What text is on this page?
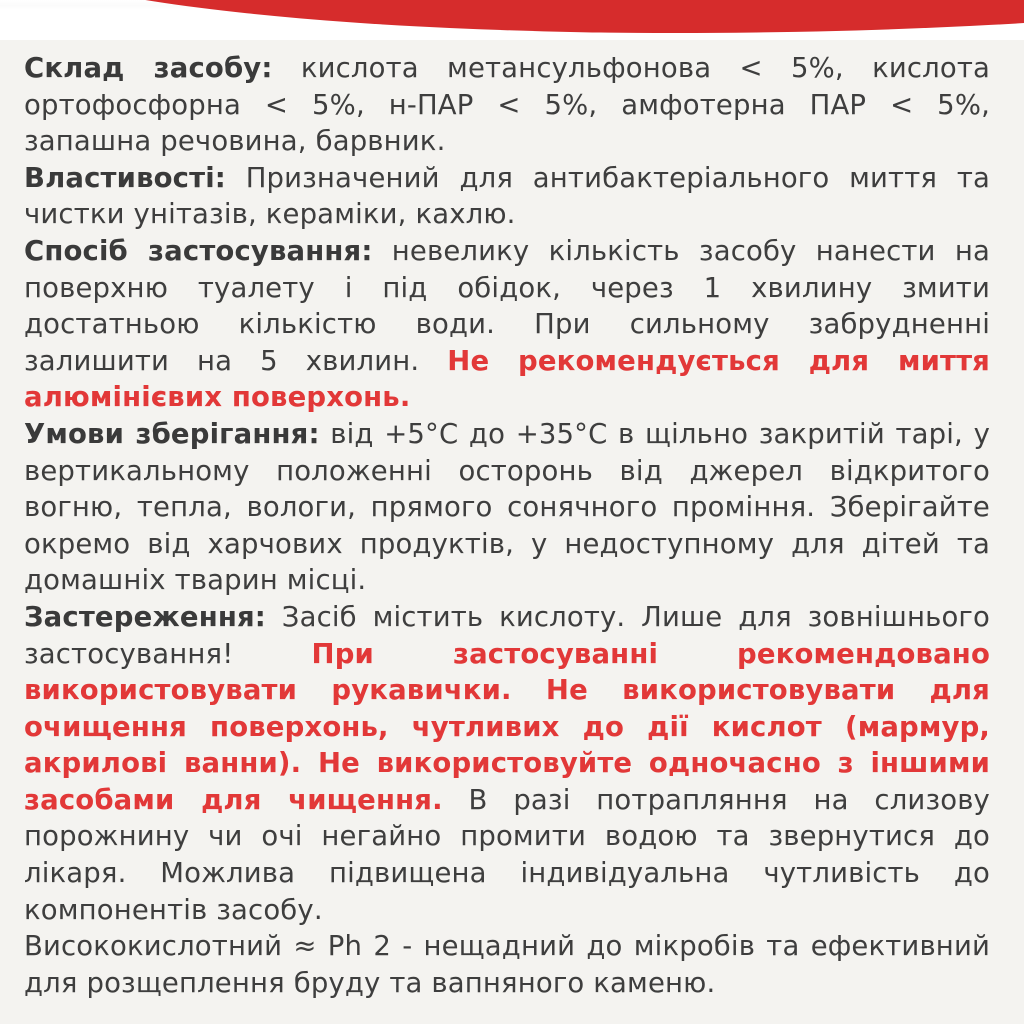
Склад засобу: кислота метансульфонова < 5%, кислота ортофосфорна < 5%, н-ПАР < 5%, амфотерна ПАР < 5%, запашна речовина, барвник.

Властивості: Призначений для антибактеріального миття та чистки унітазів, кераміки, кахлю.

Спосіб застосування: невелику кількість засобу нанести на поверхню туалету і під обідок, через 1 хвилину змити достатньою кількістю води. При сильному забрудненні залишити на 5 хвилин. Не рекомендується для миття алюмінієвих поверхонь.

Умови зберігання: від +5°С до +35°С в щільно закритій тарі, у вертикальному положенні осторонь від джерел відкритого вогню, тепла, вологи, прямого сонячного проміння. Зберігайте окремо від харчових продуктів, у недоступному для дітей та домашніх тварин місці.

Застереження: Засіб містить кислоту. Лише для зовнішнього застосування! При застосуванні рекомендовано використовувати рукавички. Не використовувати для очищення поверхонь, чутливих до дії кислот (мармур, акрилові ванни). Не використовуйте одночасно з іншими засобами для чищення. В разі потрапляння на слизову порожнину чи очі негайно промити водою та звернутися до лікаря. Можлива підвищена індивідуальна чутливість до компонентів засобу.

Висококислотний ≈ Ph 2 - нещадний до мікробів та ефективний для розщеплення бруду та вапняного каменю.
